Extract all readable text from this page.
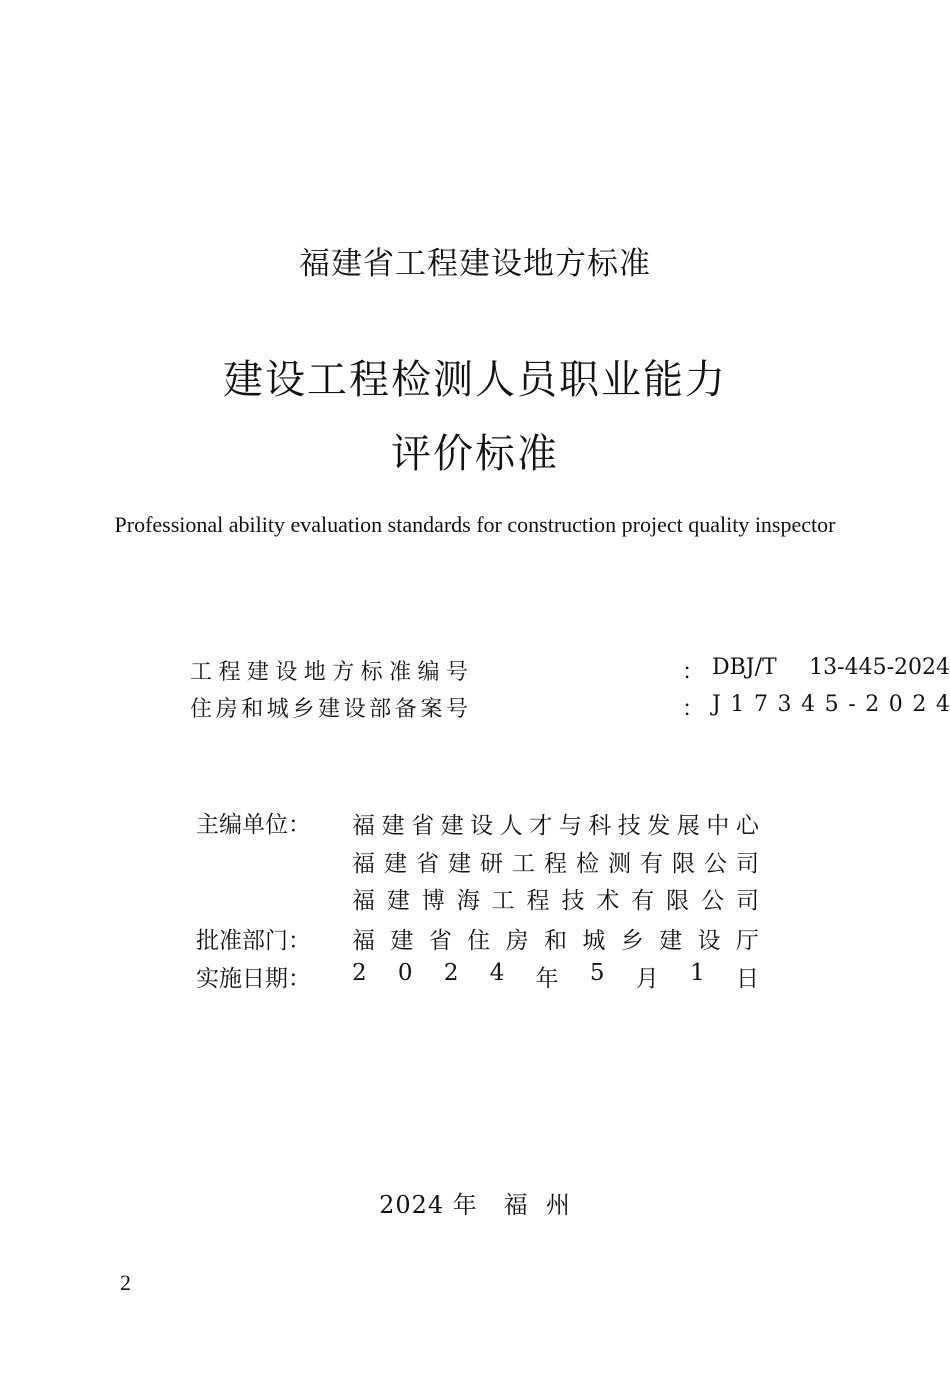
福建省工程建设地方标准
建设工程检测人员职业能力
评价标准
Professional ability evaluation standards for construction project quality inspector
工 程 建 设 地 方 标 准 编 号	： DBJ/T 13-445-2024
住 房 和 城 乡 建 设 部 备 案 号	： J 1 7 3 4 5 - 2 0 2 4
主编单位： 福 建 省 建 设 人 才 与 科 技 发 展 中 心
福 建 省 建 研 工 程 检 测 有 限 公 司
福 建 博 海 工 程 技 术 有 限 公 司
批准部门： 福 建 省 住 房 和 城 乡 建 设 厅
实施日期： 2 0 2 4 年 5 月 1 日
2024 年   福  州
2
